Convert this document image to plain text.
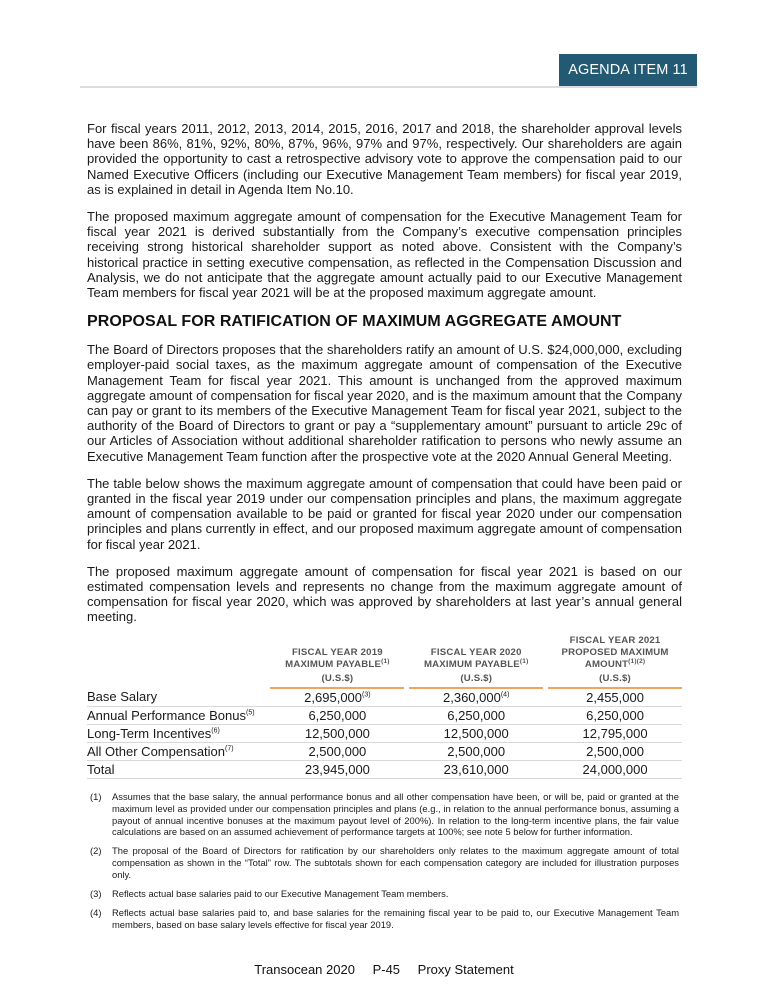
AGENDA ITEM 11

For fiscal years 2011, 2012, 2013, 2014, 2015, 2016, 2017 and 2018, the shareholder approval levels have been 86%, 81%, 92%, 80%, 87%, 96%, 97% and 97%, respectively. Our shareholders are again provided the opportunity to cast a retrospective advisory vote to approve the compensation paid to our Named Executive Officers (including our Executive Management Team members) for fiscal year 2019, as is explained in detail in Agenda Item No.10.

The proposed maximum aggregate amount of compensation for the Executive Management Team for fiscal year 2021 is derived substantially from the Company’s executive compensation principles receiving strong historical shareholder support as noted above. Consistent with the Company’s historical practice in setting executive compensation, as reflected in the Compensation Discussion and Analysis, we do not anticipate that the aggregate amount actually paid to our Executive Management Team members for fiscal year 2021 will be at the proposed maximum aggregate amount.

PROPOSAL FOR RATIFICATION OF MAXIMUM AGGREGATE AMOUNT

The Board of Directors proposes that the shareholders ratify an amount of U.S. $24,000,000, excluding employer-paid social taxes, as the maximum aggregate amount of compensation of the Executive Management Team for fiscal year 2021. This amount is unchanged from the approved maximum aggregate amount of compensation for fiscal year 2020, and is the maximum amount that the Company can pay or grant to its members of the Executive Management Team for fiscal year 2021, subject to the authority of the Board of Directors to grant or pay a “supplementary amount” pursuant to article 29c of our Articles of Association without additional shareholder ratification to persons who newly assume an Executive Management Team function after the prospective vote at the 2020 Annual General Meeting.

The table below shows the maximum aggregate amount of compensation that could have been paid or granted in the fiscal year 2019 under our compensation principles and plans, the maximum aggregate amount of compensation available to be paid or granted for fiscal year 2020 under our compensation principles and plans currently in effect, and our proposed maximum aggregate amount of compensation for fiscal year 2021.

The proposed maximum aggregate amount of compensation for fiscal year 2021 is based on our estimated compensation levels and represents no change from the maximum aggregate amount of compensation for fiscal year 2020, which was approved by shareholders at last year’s annual general meeting.

FISCAL YEAR 2019
MAXIMUM PAYABLE$^{(1)}$

FISCAL YEAR 2020
MAXIMUM PAYABLE$^{(1)}$

FISCAL YEAR 2021
PROPOSED MAXIMUM
$AMOUNT^{(1)(2)}$

	(U.S.$)		(U.S.$)		(U.S.$)
Base Salary	2,695,000$^{(3)}$		2,360,000$^{(4)}$		2,455,000
Annual Performance Bonus$^{(5)}$	6,250,000		6,250,000		6,250,000
Long-Term Incentives$^{(6)}$	12,500,000		12,500,000		12,795,000
All Other Compensation$^{(7)}$	2,500,000		2,500,000		2,500,000
Total	23,945,000		23,610,000		24,000,000
(1)	Assumes that the base salary, the annual performance bonus and all other compensation have been, or will be, paid or granted at the maximum level as provided under our compensation principles and plans (e.g., in relation to the annual performance bonus, assuming a payout of annual incentive bonuses at the maximum payout level of 200%). In relation to the long-term incentive plans, the fair value calculations are based on an assumed achievement of performance targets at 100%; see note 5 below for further information.
(2)	The proposal of the Board of Directors for ratification by our shareholders only relates to the maximum aggregate amount of total compensation as shown in the “Total” row. The subtotals shown for each compensation category are included for illustration purposes only.
(3)	Reflects actual base salaries paid to our Executive Management Team members.
(4)	Reflects actual base salaries paid to, and base salaries for the remaining fiscal year to be paid to, our Executive Management Team members, based on base salary levels effective for fiscal year 2019.
Transocean 2020 P-45 Proxy Statement
